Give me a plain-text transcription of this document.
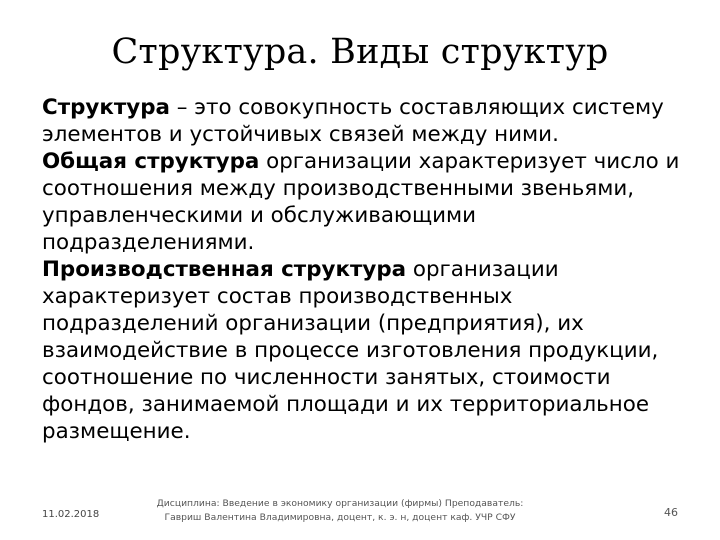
Структура. Виды структур

Структура – это совокупность составляющих систему
элементов и устойчивых связей между ними.

Общая структура организации характеризует число и
соотношения между производственными звеньями,
управленческими и обслуживающими
подразделениями.

Производственная структура организации
характеризует состав производственных
подразделений организации (предприятия), их
взаимодействие в процессе изготовления продукции,
соотношение по численности занятых, стоимости
фондов, занимаемой площади и их территориальное
размещение.

11.02.2018
Дисциплина: Введение в экономику организации (фирмы) Преподаватель:
Гавриш Валентина Владимировна, доцент, к. э. н, доцент каф. УЧР СФУ	46
